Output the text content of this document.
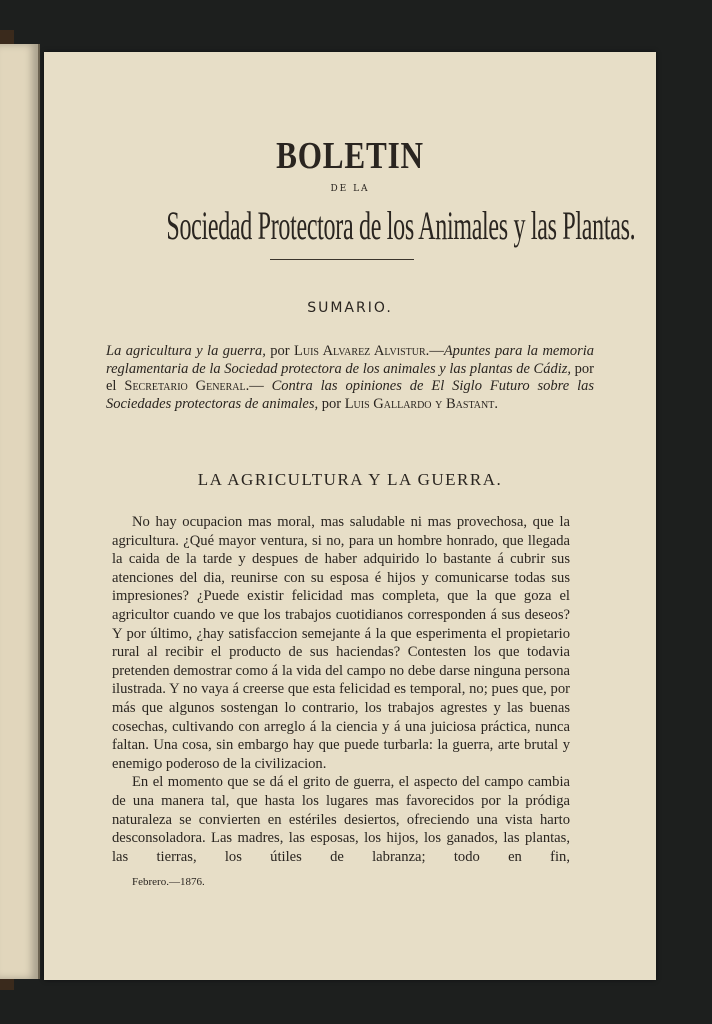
BOLETIN
DE LA
Sociedad Protectora de los Animales y las Plantas.
SUMARIO.
La agricultura y la guerra, por Luis Alvarez Alvistur.—Apuntes para la memoria reglamentaria de la Sociedad protectora de los animales y las plantas de Cádiz, por el Secretario General.— Contra las opiniones de El Siglo Futuro sobre las Sociedades protectoras de animales, por Luis Gallardo y Bastant.
LA AGRICULTURA Y LA GUERRA.

No hay ocupacion mas moral, mas saludable ni mas provechosa, que la agricultura. ¿Qué mayor ventura, si no, para un hombre honrado, que llegada la caida de la tarde y despues de haber adquirido lo bastante á cubrir sus atenciones del dia, reunirse con su esposa é hijos y comunicarse todas sus impresiones? ¿Puede existir felicidad mas completa, que la que goza el agricultor cuando ve que los trabajos cuotidianos corresponden á sus deseos? Y por último, ¿hay satisfaccion semejante á la que esperimenta el propietario rural al recibir el producto de sus haciendas? Contesten los que todavia pretenden demostrar como á la vida del campo no debe darse ninguna persona ilustrada. Y no vaya á creerse que esta felicidad es temporal, no; pues que, por más que algunos sostengan lo contrario, los trabajos agrestes y las buenas cosechas, cultivando con arreglo á la ciencia y á una juiciosa práctica, nunca faltan. Una cosa, sin embargo hay que puede turbarla: la guerra, arte brutal y enemigo poderoso de la civilizacion.

En el momento que se dá el grito de guerra, el aspecto del campo cambia de una manera tal, que hasta los lugares mas favorecidos por la pródiga naturaleza se convierten en estériles desiertos, ofreciendo una vista harto desconsoladora. Las madres, las esposas, los hijos, los ganados, las plantas, las tierras, los útiles de labranza; todo en fin,

Febrero.—1876.
